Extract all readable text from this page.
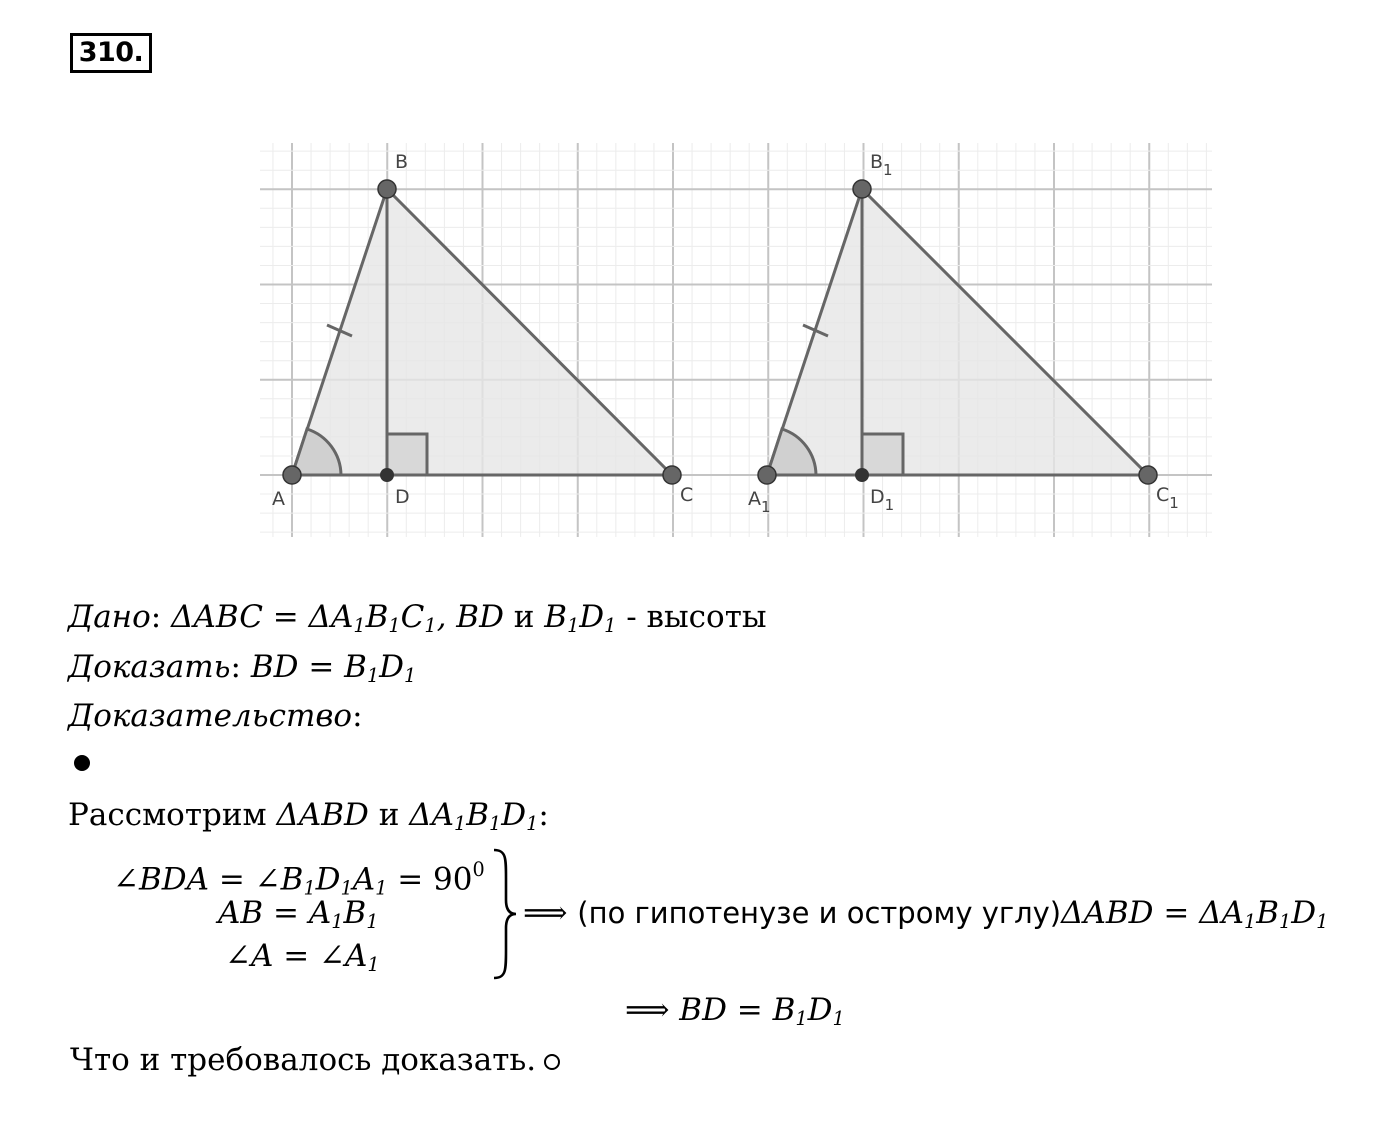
310.
A
B
C
D	$A_1$
$B_1$
$C_1$
$D_1$
Дано: $\Delta ABC = \Delta A_1B_1C_1$, BD и $B_1D_1$ - высоты
Доказать: BD = $B_1D_1$
Доказательство:
Рассмотрим ΔABD и $\Delta A_1B_1D_1$:
∠BDA = $\angle B_1D_1A_1 = 90^0$
AB = $A_1B_1$
∠A = $\angle A_1$
⟹ (по гипотенузе и острому углу)ΔABD = $\Delta A_1B_1D_1$
⟹ BD = $B_1D_1$
Что и требовалось доказать.
